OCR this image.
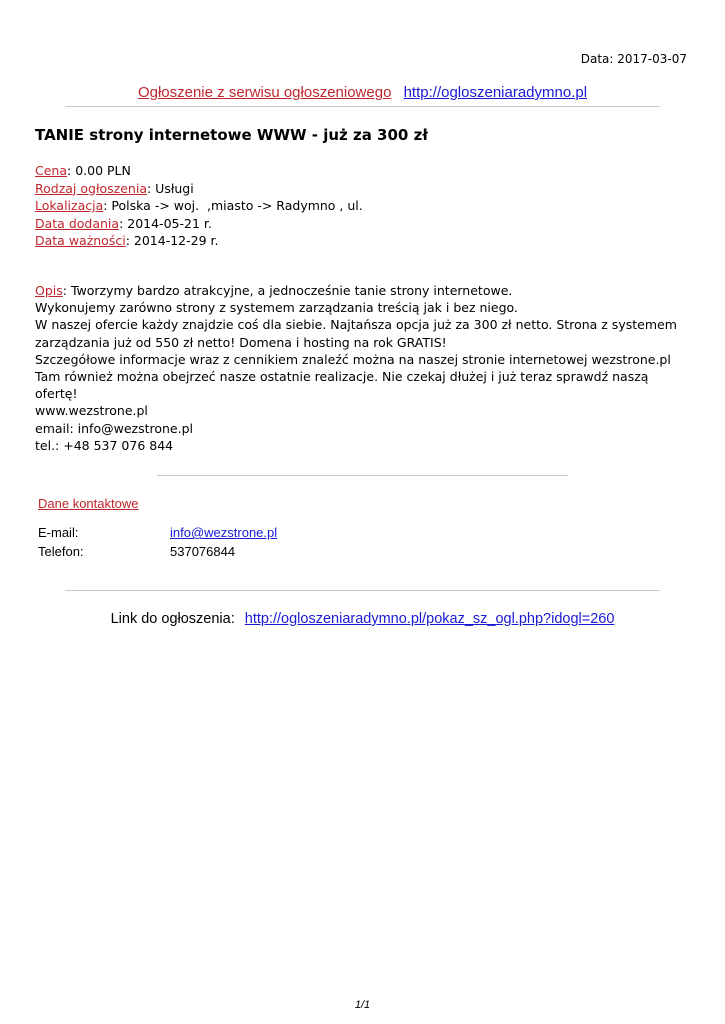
Data: 2017-03-07
Ogłoszenie z serwisu ogłoszeniowego http://ogloszeniaradymno.pl
TANIE strony internetowe WWW - już za 300 zł
Cena: 0.00 PLN
Rodzaj ogłoszenia: Usługi
Lokalizacja: Polska -> woj.  ,miasto -> Radymno , ul.
Data dodania: 2014-05-21 r.
Data ważności: 2014-12-29 r.

Opis: Tworzymy bardzo atrakcyjne, a jednocześnie tanie strony internetowe.

Wykonujemy zarówno strony z systemem zarządzania treścią jak i bez niego.

W naszej ofercie każdy znajdzie coś dla siebie. Najtańsza opcja już za 300 zł netto. Strona z systemem zarządzania już od 550 zł netto! Domena i hosting na rok GRATIS!

Szczegółowe informacje wraz z cennikiem znaleźć można na naszej stronie internetowej wezstrone.pl

Tam również można obejrzeć nasze ostatnie realizacje. Nie czekaj dłużej i już teraz sprawdź naszą ofertę!

www.wezstrone.pl

email: info@wezstrone.pl

tel.: +48 537 076 844

Dane kontaktowe
E-mail:	info@wezstrone.pl
Telefon:	537076844
Link do ogłoszenia: http://ogloszeniaradymno.pl/pokaz_sz_ogl.php?idogl=260
1/1
